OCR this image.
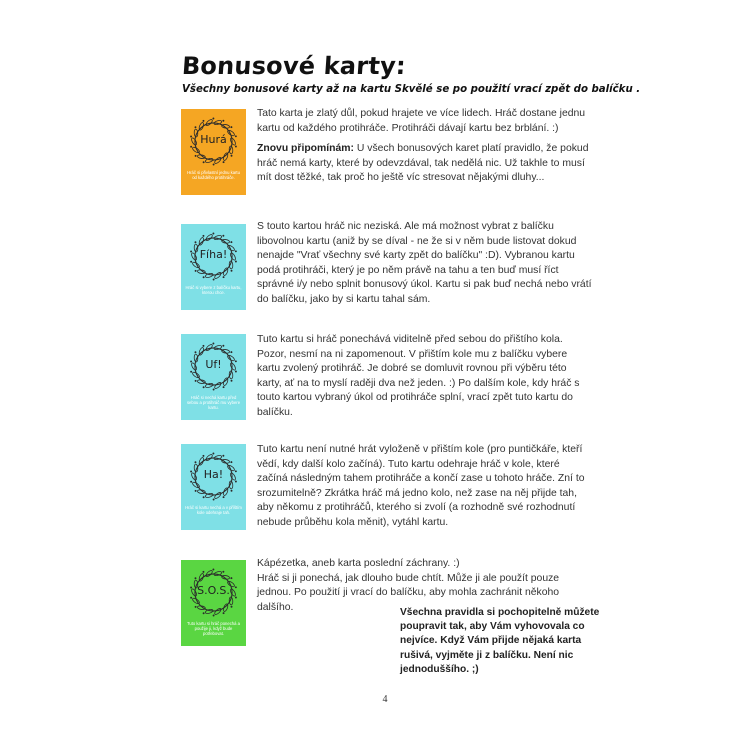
Bonusové karty:
Všechny bonusové karty až na kartu Skvělé se po použití vrací zpět do balíčku .
Hurá
Hráč si přivlastní jednu kartu od každého protihráče.
Tato karta je zlatý důl, pokud hrajete ve více lidech. Hráč dostane jednu kartu od každého protihráče. Protihráči dávají kartu bez brblání. :)
Znovu připomínám: U všech bonusových karet platí pravidlo, že pokud hráč nemá karty, které by odevzdával, tak nedělá nic. Už takhle to musí mít dost těžké, tak proč ho ještě víc stresovat nějakými dluhy...
Fíha!
Hráč si vybere z balíčku kartu, kterou chce.
S touto kartou hráč nic neziská. Ale má možnost vybrat z balíčku libovolnou kartu (aniž by se díval - ne že si v něm bude listovat dokud nenajde "Vrať všechny své karty zpět do balíčku" :D). Vybranou kartu podá protihráči, který je po něm právě na tahu a ten buď musí říct správné i/y nebo splnit bonusový úkol. Kartu si pak buď nechá nebo vrátí do balíčku, jako by si kartu tahal sám.
Uf!
Hráč si nechá kartu před sebou a protihráč mu vybere kartu.
Tuto kartu si hráč ponechává viditelně před sebou do přištího kola. Pozor, nesmí na ni zapomenout. V přištím kole mu z balíčku vybere kartu zvolený protihráč. Je dobré se domluvit rovnou při výběru této karty, ať na to myslí raději dva než jeden. :) Po dalším kole, kdy hráč s touto kartou vybraný úkol od protihráče splní, vrací zpět tuto kartu do balíčku.
Ha!
Hráč si kartu nechá a v příštím kole odehraje tah.
Tuto kartu není nutné hrát vyloženě v přištím kole (pro puntičkáře, kteří vědí, kdy další kolo začíná). Tuto kartu odehraje hráč v kole, které začíná následným tahem protihráče a končí zase u tohoto hráče. Zní to srozumitelně? Zkrátka hráč má jedno kolo, než zase na něj přijde tah, aby někomu z protihráčů, kterého si zvolí (a rozhodně své rozhodnutí nebude průběhu kola měnit), vytáhl kartu.
S.O.S.
Tuto kartu si hráč ponechá a použije ji, když bude potřebovat.
Kápézetka, aneb karta poslední záchrany. :)
Hráč si ji ponechá, jak dlouho bude chtít. Může ji ale použít pouze jednou. Po použití ji vrací do balíčku, aby mohla zachránit někoho dalšího.	Všechna pravidla si pochopitelně můžete poupravit tak, aby Vám vyhovovala co nejvíce. Když Vám přijde nějaká karta rušivá, vyjměte ji z balíčku. Není nic jednoduššího. ;)
4
